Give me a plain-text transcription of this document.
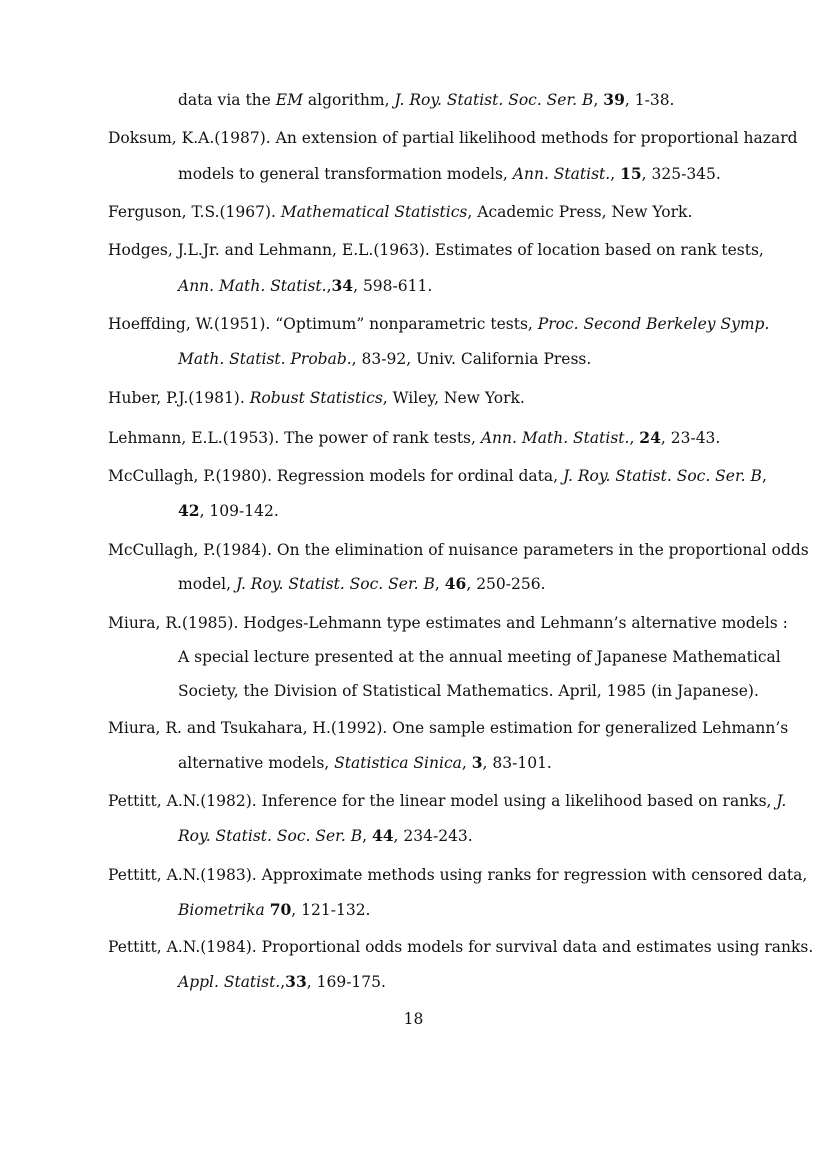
data via the EM algorithm, J. Roy. Statist. Soc. Ser. B, 39, 1-38.
Doksum, K.A.(1987). An extension of partial likelihood methods for proportional hazard
models to general transformation models, Ann. Statist., 15, 325-345.
Ferguson, T.S.(1967). Mathematical Statistics, Academic Press, New York.
Hodges, J.L.Jr. and Lehmann, E.L.(1963). Estimates of location based on rank tests,
Ann. Math. Statist.,34, 598-611.
Hoeffding, W.(1951). “Optimum” nonparametric tests, Proc. Second Berkeley Symp.
Math. Statist. Probab., 83-92, Univ. California Press.
Huber, P.J.(1981). Robust Statistics, Wiley, New York.
Lehmann, E.L.(1953). The power of rank tests, Ann. Math. Statist., 24, 23-43.
McCullagh, P.(1980). Regression models for ordinal data, J. Roy. Statist. Soc. Ser. B,
42, 109-142.
McCullagh, P.(1984). On the elimination of nuisance parameters in the proportional odds
model, J. Roy. Statist. Soc. Ser. B, 46, 250-256.
Miura, R.(1985). Hodges-Lehmann type estimates and Lehmann’s alternative models :
A special lecture presented at the annual meeting of Japanese Mathematical
Society, the Division of Statistical Mathematics. April, 1985 (in Japanese).
Miura, R. and Tsukahara, H.(1992). One sample estimation for generalized Lehmann’s
alternative models, Statistica Sinica, 3, 83-101.
Pettitt, A.N.(1982). Inference for the linear model using a likelihood based on ranks, J.
Roy. Statist. Soc. Ser. B, 44, 234-243.
Pettitt, A.N.(1983). Approximate methods using ranks for regression with censored data,
Biometrika 70, 121-132.
Pettitt, A.N.(1984). Proportional odds models for survival data and estimates using ranks.
Appl. Statist.,33, 169-175.
18
